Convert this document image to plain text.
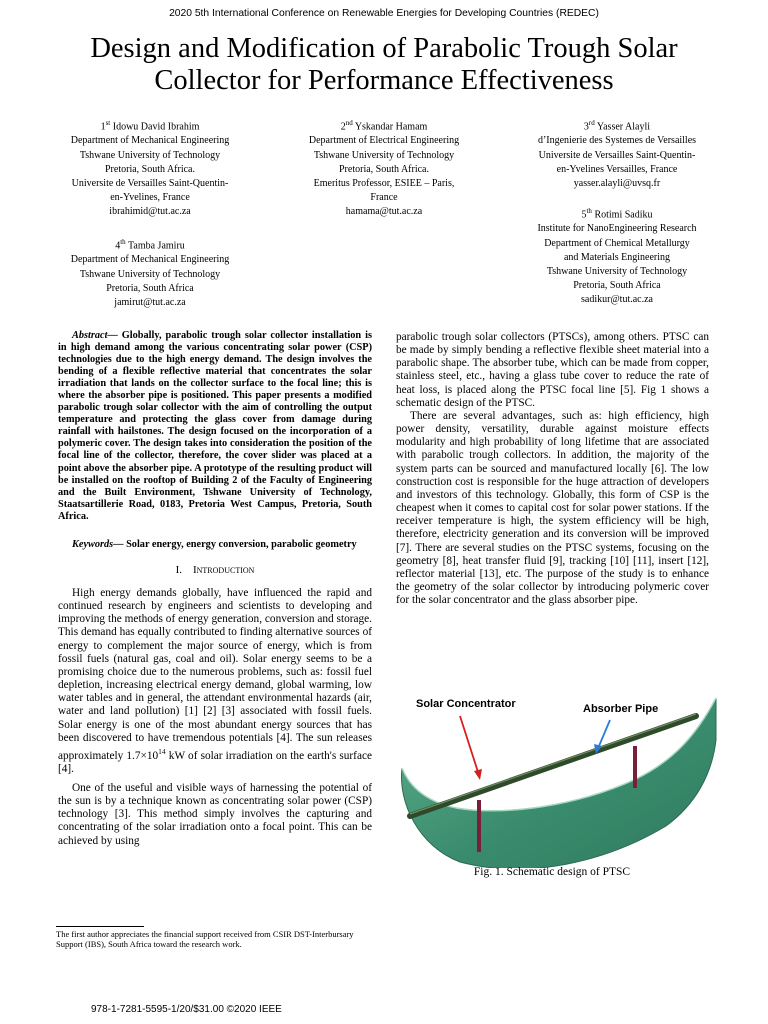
2020 5th International Conference on Renewable Energies for Developing Countries (REDEC)
Design and Modification of Parabolic Trough Solar
Collector for Performance Effectiveness
1st Idowu David Ibrahim
Department of Mechanical Engineering
Tshwane University of Technology
Pretoria, South Africa.
Universite de Versailles Saint-Quentin-
en-Yvelines, France
ibrahimid@tut.ac.za
2nd Yskandar Hamam
Department of Electrical Engineering
Tshwane University of Technology
Pretoria, South Africa.
Emeritus Professor, ESIEE – Paris,
France
hamama@tut.ac.za
3rd Yasser Alayli
d’Ingenierie des Systemes de Versailles
Universite de Versailles Saint-Quentin-
en-Yvelines Versailles, France
yasser.alayli@uvsq.fr
4th Tamba Jamiru
Department of Mechanical Engineering
Tshwane University of Technology
Pretoria, South Africa
jamirut@tut.ac.za
5th Rotimi Sadiku
Institute for NanoEngineering Research
Department of Chemical Metallurgy
and Materials Engineering
Tshwane University of Technology
Pretoria, South Africa
sadikur@tut.ac.za

Abstract— Globally, parabolic trough solar collector installation is in high demand among the various concentrating solar power (CSP) technologies due to the high energy demand. The design involves the bending of a flexible reflective material that concentrates the solar irradiation that lands on the collector surface to the focal line; this is where the absorber pipe is positioned. This paper presents a modified parabolic trough solar collector with the aim of controlling the output temperature and protecting the glass cover from damage during rainfall with hailstones. The design focused on the incorporation of a polymeric cover. The design takes into consideration the position of the focal line of the collector, therefore, the cover slider was placed at a point above the absorber pipe. A prototype of the resulting product will be installed on the rooftop of Building 2 of the Faculty of Engineering and the Built Environment, Tshwane University of Technology, Staatsartillerie Road, 0183, Pretoria West Campus, Pretoria, South Africa.

Keywords— Solar energy, energy conversion, parabolic geometry

I. Introduction

High energy demands globally, have influenced the rapid and continued research by engineers and scientists to developing and improving the methods of energy generation, conversion and storage. This demand has equally contributed to finding alternative sources of energy to complement the major source of energy, which is from fossil fuels (natural gas, coal and oil). Solar energy seems to be a promising choice due to the numerous problems, such as: fossil fuel depletion, increasing electrical energy demand, global warming, low water tables and in general, the attendant environmental hazards (air, water and land pollution) [1] [2] [3] associated with fossil fuels. Solar energy is one of the most abundant energy sources that has been discovered to have tremendous potentials [4]. The sun releases approximately $1.7\times 10^{14}$ kW of solar irradiation on the earth's surface [4].

One of the useful and visible ways of harnessing the potential of the sun is by a technique known as concentrating solar power (CSP) technology [3]. This method simply involves the capturing and concentrating of the solar irradiation onto a focal point. This can be achieved by using

parabolic trough solar collectors (PTSCs), among others. PTSC can be made by simply bending a reflective flexible sheet material into a parabolic shape. The absorber tube, which can be made from copper, stainless steel, etc., having a glass tube cover to reduce the rate of heat loss, is placed along the PTSC focal line [5]. Fig 1 shows a schematic design of the PTSC.

There are several advantages, such as: high efficiency, high power density, versatility, durable against moisture effects modularity and high probability of long lifetime that are associated with parabolic trough collectors. In addition, the majority of the system parts can be sourced and manufactured locally [6]. The low construction cost is responsible for the huge attraction of developers and investors of this technology. Globally, this form of CSP is the cheapest when it comes to capital cost for solar power stations. If the receiver temperature is high, the system efficiency will be high, therefore, electricity generation and its conversion will be improved [7]. There are several studies on the PTSC systems, focusing on the geometry [8], heat transfer fluid [9], tracking [10] [11], insert [12], reflector material [13], etc. The purpose of the study is to enhance the geometry of the solar collector by introducing polymeric cover for the solar concentrator and the glass absorber pipe.

Solar Concentrator	Absorber Pipe
Fig. 1. Schematic design of PTSC
The first author appreciates the financial support received from CSIR DST-Interbursary Support (IBS), South Africa toward the research work.
978-1-7281-5595-1/20/$31.00 ©2020 IEEE
